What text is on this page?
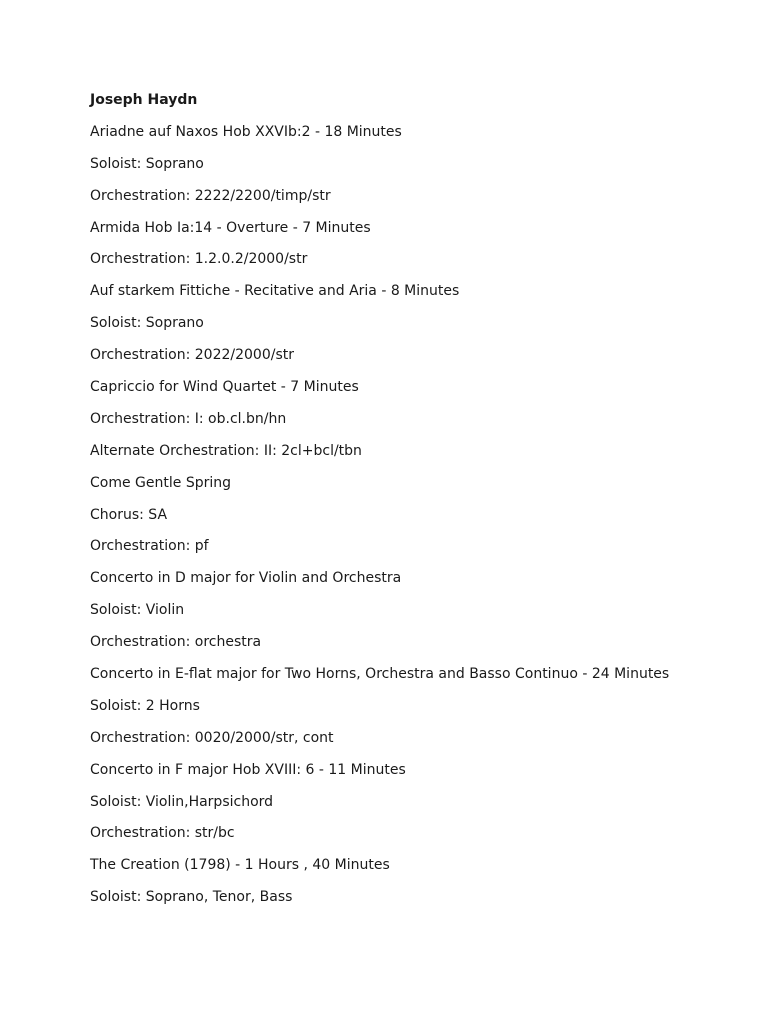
Joseph Haydn
Ariadne auf Naxos Hob XXVIb:2 - 18 Minutes
Soloist: Soprano
Orchestration: 2222/2200/timp/str
Armida Hob Ia:14 - Overture - 7 Minutes
Orchestration: 1.2.0.2/2000/str
Auf starkem Fittiche - Recitative and Aria - 8 Minutes
Soloist: Soprano
Orchestration: 2022/2000/str
Capriccio for Wind Quartet - 7 Minutes
Orchestration: I: ob.cl.bn/hn
Alternate Orchestration: II: 2cl+bcl/tbn
Come Gentle Spring
Chorus: SA
Orchestration: pf
Concerto in D major for Violin and Orchestra
Soloist: Violin
Orchestration: orchestra
Concerto in E-flat major for Two Horns, Orchestra and Basso Continuo - 24 Minutes
Soloist: 2 Horns
Orchestration: 0020/2000/str, cont
Concerto in F major Hob XVIII: 6 - 11 Minutes
Soloist: Violin,Harpsichord
Orchestration: str/bc
The Creation (1798) - 1 Hours , 40 Minutes
Soloist: Soprano, Tenor, Bass
